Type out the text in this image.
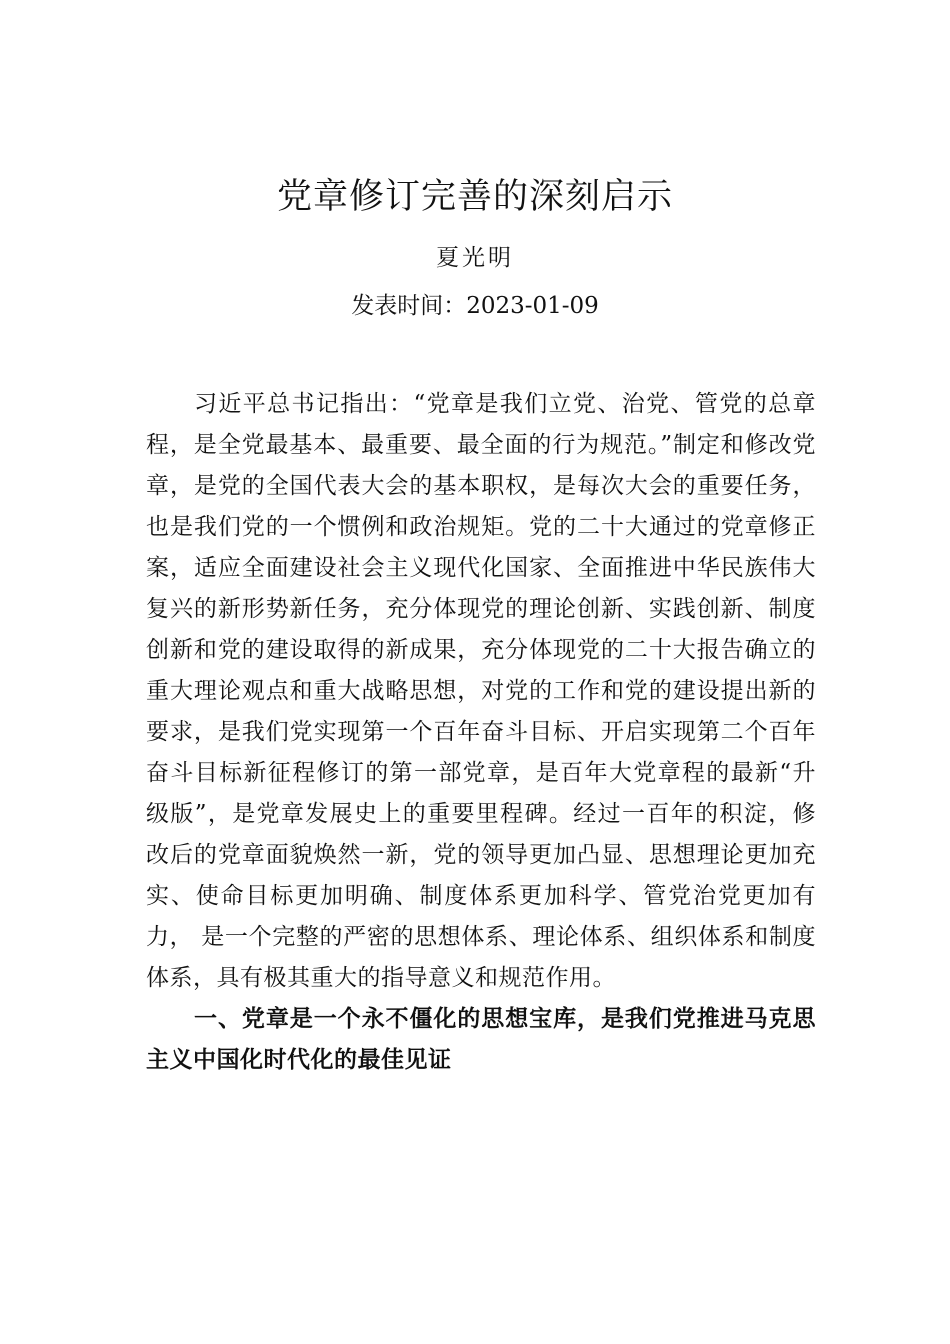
党章修订完善的深刻启示
夏光明
发表时间：2023-01-09

习近平总书记指出：“党章是我们立党、治党、管党的总章程，是全党最基本、最重要、最全面的行为规范。”制定和修改党章，是党的全国代表大会的基本职权，是每次大会的重要任务，也是我们党的一个惯例和政治规矩。党的二十大通过的党章修正案，适应全面建设社会主义现代化国家、全面推进中华民族伟大复兴的新形势新任务，充分体现党的理论创新、实践创新、制度创新和党的建设取得的新成果，充分体现党的二十大报告确立的重大理论观点和重大战略思想，对党的工作和党的建设提出新的要求，是我们党实现第一个百年奋斗目标、开启实现第二个百年奋斗目标新征程修订的第一部党章，是百年大党章程的最新“升级版”，是党章发展史上的重要里程碑。经过一百年的积淀，修改后的党章面貌焕然一新，党的领导更加凸显、思想理论更加充实、使命目标更加明确、制度体系更加科学、管党治党更加有力， 是一个完整的严密的思想体系、理论体系、组织体系和制度体系，具有极其重大的指导意义和规范作用。

一、党章是一个永不僵化的思想宝库，是我们党推进马克思主义中国化时代化的最佳见证
